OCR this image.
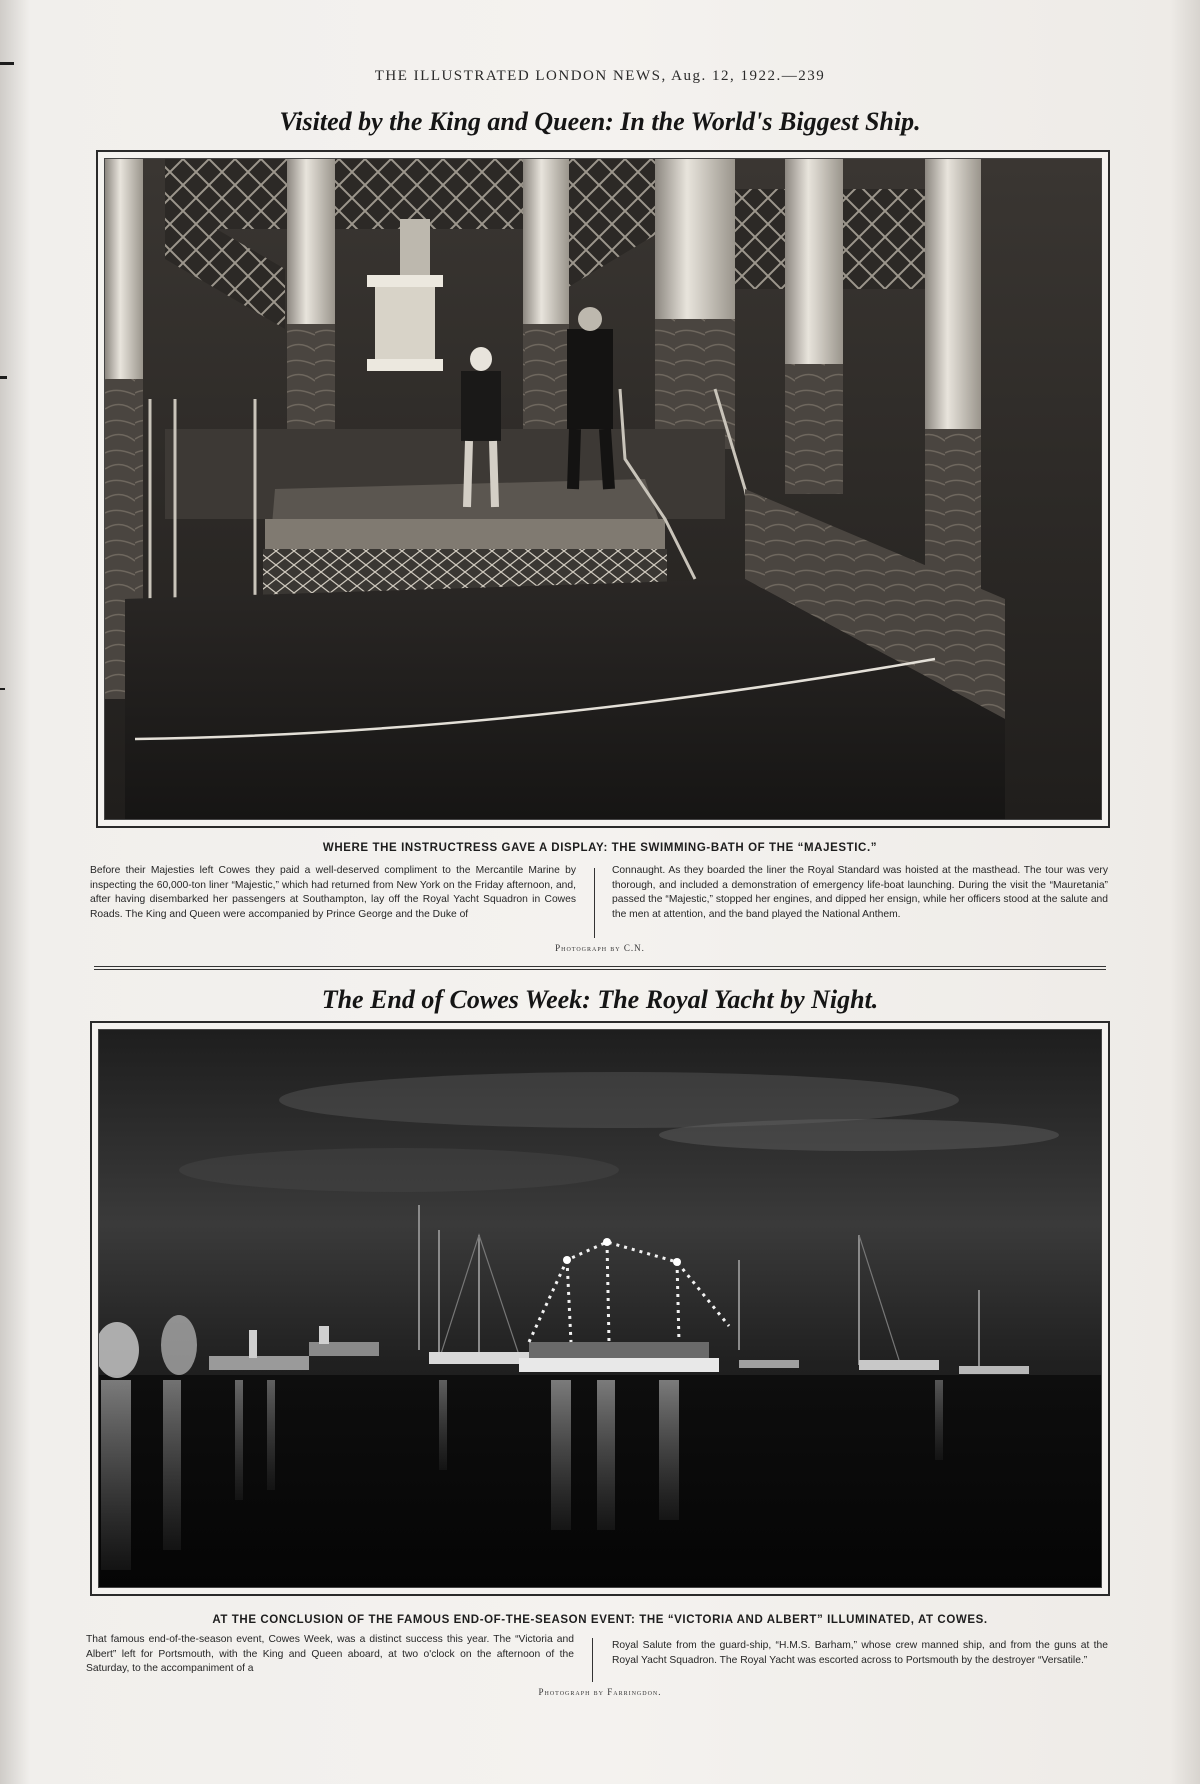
THE ILLUSTRATED LONDON NEWS, Aug. 12, 1922.—239
Visited by the King and Queen: In the World's Biggest Ship.
WHERE THE INSTRUCTRESS GAVE A DISPLAY: THE SWIMMING-BATH OF THE “MAJESTIC.”
Before their Majesties left Cowes they paid a well-deserved compliment to the Mercantile Marine by inspecting the 60,000-ton liner “Majestic,” which had returned from New York on the Friday afternoon, and, after having disembarked her passengers at Southampton, lay off the Royal Yacht Squadron in Cowes Roads. The King and Queen were accompanied by Prince George and the Duke of
Connaught. As they boarded the liner the Royal Standard was hoisted at the masthead. The tour was very thorough, and included a demonstration of emergency life-boat launching. During the visit the “Mauretania” passed the “Majestic,” stopped her engines, and dipped her ensign, while her officers stood at the salute and the men at attention, and the band played the National Anthem.
Photograph by C.N.
The End of Cowes Week: The Royal Yacht by Night.
AT THE CONCLUSION OF THE FAMOUS END-OF-THE-SEASON EVENT: THE “VICTORIA AND ALBERT” ILLUMINATED, AT COWES.
That famous end-of-the-season event, Cowes Week, was a distinct success this year. The “Victoria and Albert” left for Portsmouth, with the King and Queen aboard, at two o'clock on the afternoon of the Saturday, to the accompaniment of a
Royal Salute from the guard-ship, “H.M.S. Barham,” whose crew manned ship, and from the guns at the Royal Yacht Squadron. The Royal Yacht was escorted across to Portsmouth by the destroyer “Versatile.”
Photograph by Farringdon.
